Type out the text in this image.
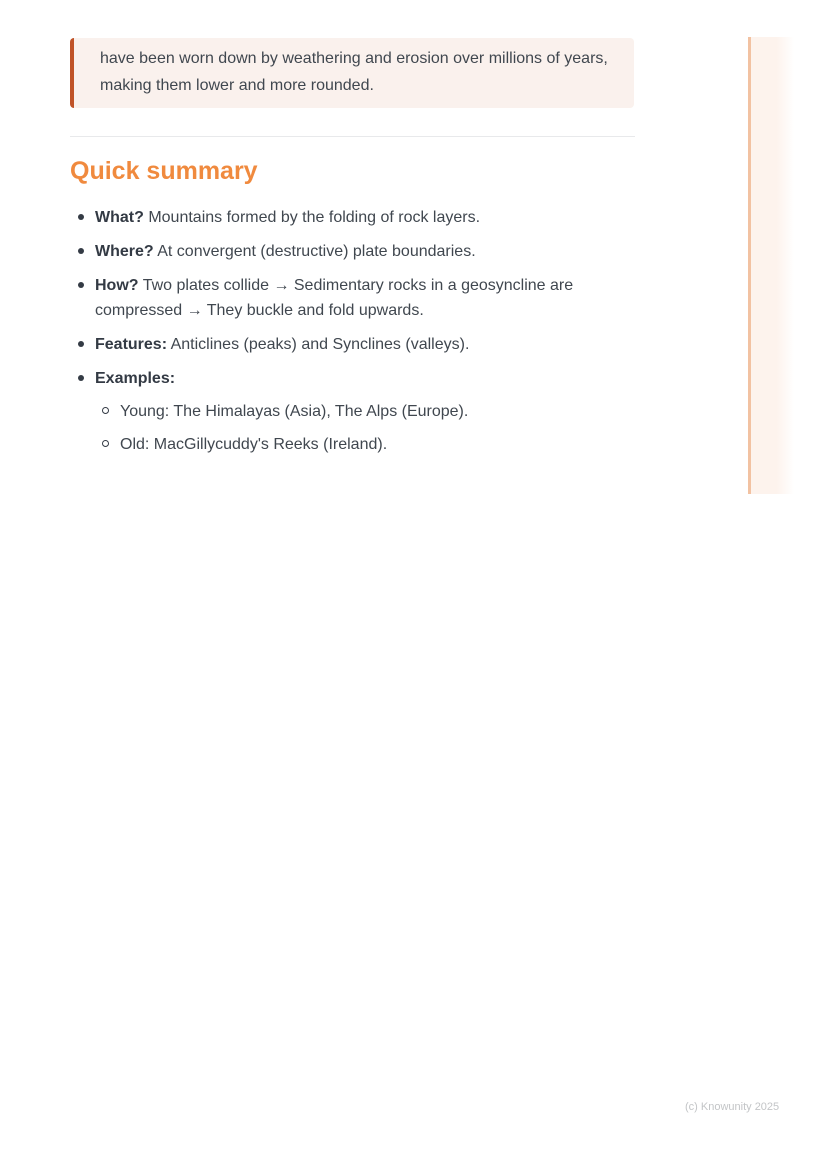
have been worn down by weathering and erosion over millions of years, making them lower and more rounded.

Quick summary
What? Mountains formed by the folding of rock layers.
Where? At convergent (destructive) plate boundaries.
How? Two plates collide → Sedimentary rocks in a geosyncline are compressed → They buckle and fold upwards.
Features: Anticlines (peaks) and Synclines (valleys).
Examples:
Young: The Himalayas (Asia), The Alps (Europe).
Old: MacGillycuddy's Reeks (Ireland).
(c) Knowunity 2025
